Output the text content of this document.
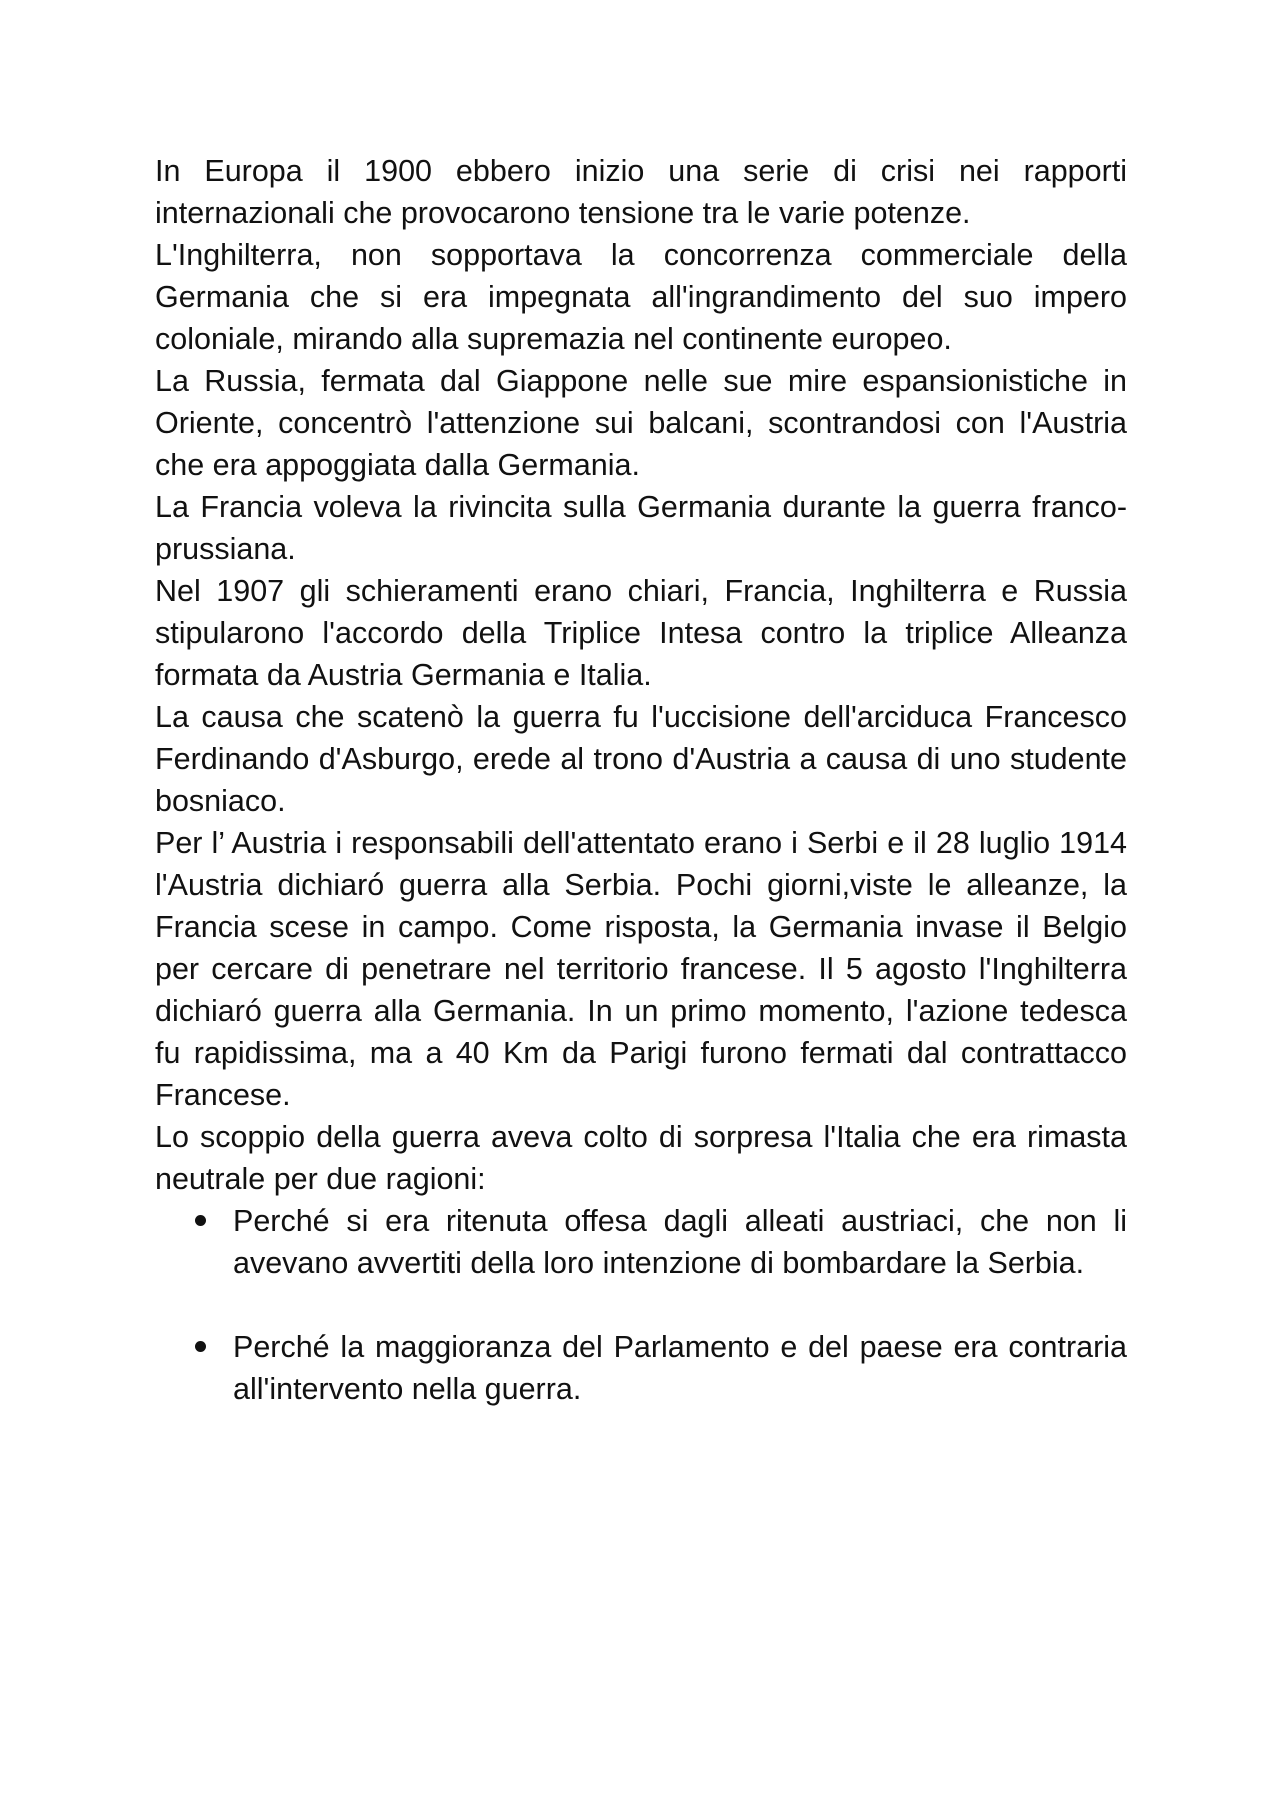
In Europa il 1900 ebbero inizio una serie di crisi nei rapporti internazionali che provocarono tensione tra le varie potenze.

L'Inghilterra, non sopportava la concorrenza commerciale della Germania che si era impegnata all'ingrandimento del suo impero coloniale, mirando alla supremazia nel continente europeo.

La Russia, fermata dal Giappone nelle sue mire espansionistiche in Oriente, concentrò l'attenzione sui balcani, scontrandosi con l'Austria che era appoggiata dalla Germania.

La Francia voleva la rivincita sulla Germania durante la guerra franco-prussiana.

Nel 1907 gli schieramenti erano chiari, Francia, Inghilterra e Russia stipularono l'accordo della Triplice Intesa contro la triplice Alleanza formata da Austria Germania e Italia.

La causa che scatenò la guerra fu l'uccisione dell'arciduca Francesco Ferdinando d'Asburgo, erede al trono d'Austria a causa di uno studente bosniaco.

Per l’ Austria i responsabili dell'attentato erano i Serbi e il 28 luglio 1914 l'Austria dichiaró guerra alla Serbia. Pochi giorni,viste le alleanze, la Francia scese in campo. Come risposta, la Germania invase il Belgio per cercare di penetrare nel territorio francese. Il 5 agosto l'Inghilterra dichiaró guerra alla Germania. In un primo momento, l'azione tedesca fu rapidissima, ma a 40 Km da Parigi furono fermati dal contrattacco Francese.

Lo scoppio della guerra aveva colto di sorpresa l'Italia che era rimasta neutrale per due ragioni:

Perché si era ritenuta offesa dagli alleati austriaci, che non li avevano avvertiti della loro intenzione di bombardare la Serbia.
Perché la maggioranza del Parlamento e del paese era contraria all'intervento nella guerra.
